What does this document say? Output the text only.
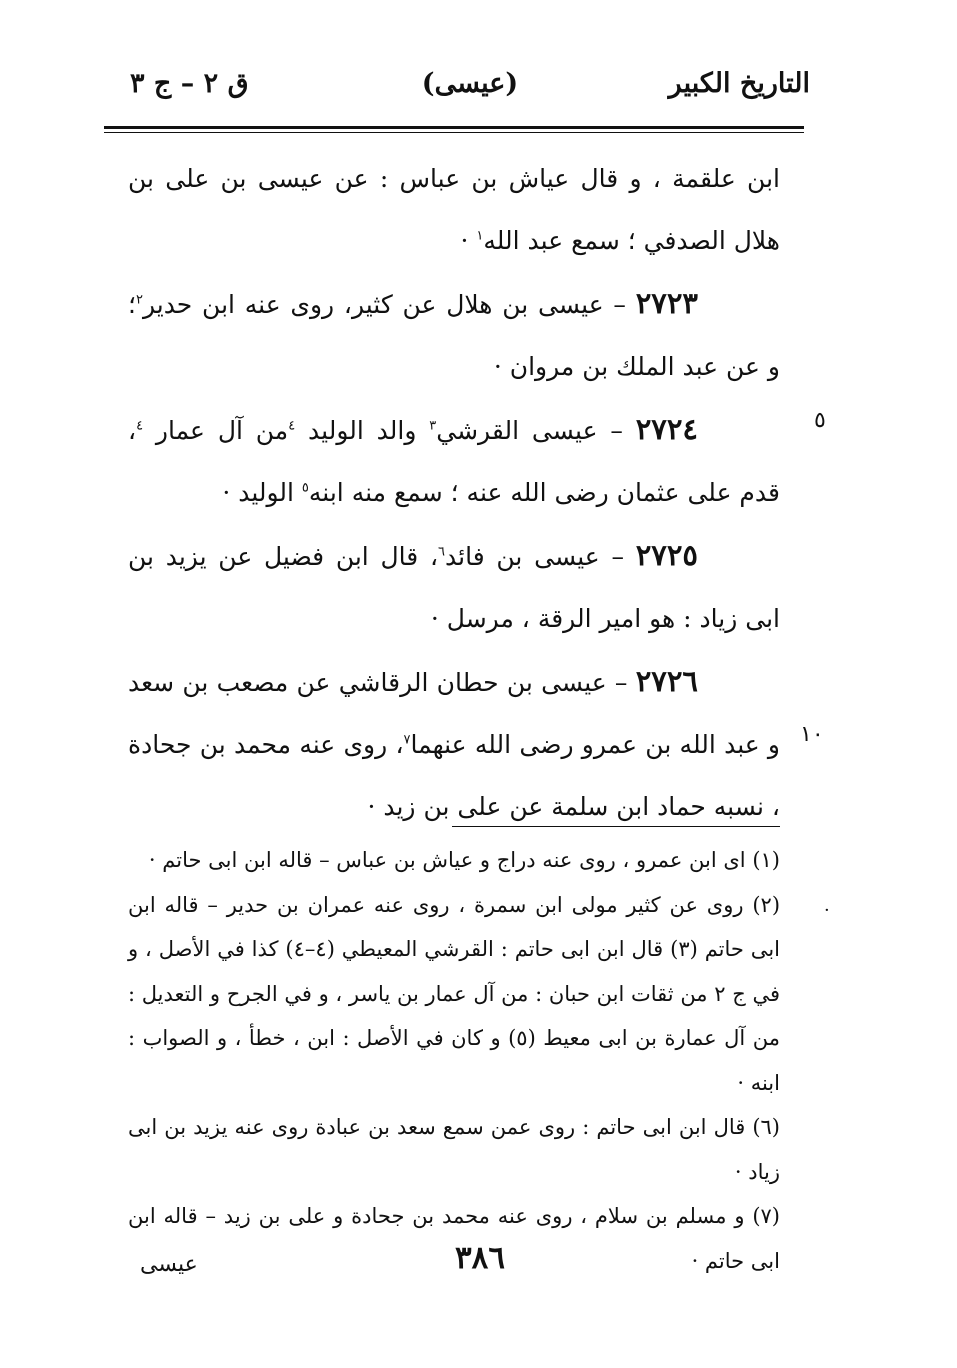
التاريخ الكبير
(عيسى)
ق ٢ – ج ٣
٥
١٠
·

ابن علقمة ، و قال عياش بن عباس : عن عيسى بن على بن هلال الصدفي ؛ سمع عبد الله$^١$ ·

٢٧٢٣ – عيسى بن هلال عن كثير، روى عنه ابن حدير$^٢$؛ و عن عبد الملك بن مروان ·

٢٧٢٤ – عيسى القرشي$^٣$ والد الوليد $^٤$من آل عمار $^٤$، قدم على عثمان رضى الله عنه ؛ سمع منه ابنه$^٥$ الوليد ·

٢٧٢٥ – عيسى بن فائد$^٦$، قال ابن فضيل عن يزيد بن ابى زياد : هو امير الرقة ، مرسل ·

٢٧٢٦ – عيسى بن حطان الرقاشي عن مصعب بن سعد و عبد الله بن عمرو رضى الله عنهما$^٧$، روى عنه محمد بن جحادة ، نسبه حماد ابن سلمة عن على بن زيد ·

(١) اى ابن عمرو ، روى عنه دراج و عياش بن عباس – قاله ابن ابى حاتم ·

(٢) روى عن كثير مولى ابن سمرة ، روى عنه عمران بن حدير – قاله ابن ابى حاتم (٣) قال ابن ابى حاتم : القرشي المعيطي (٤–٤) كذا في الأصل ، و في ج ٢ من ثقات ابن حبان : من آل عمار بن ياسر ، و في الجرح و التعديل : من آل عمارة بن ابى معيط (٥) و كان في الأصل : ابن ، خطأ ، و الصواب : ابنه ·

(٦) قال ابن ابى حاتم : روى عمن سمع سعد بن عبادة روى عنه يزيد بن ابى زياد ·

(٧) و مسلم بن سلام ، روى عنه محمد بن جحادة و على بن زيد – قاله ابن ابى حاتم ·

٣٨٦
عيسى
